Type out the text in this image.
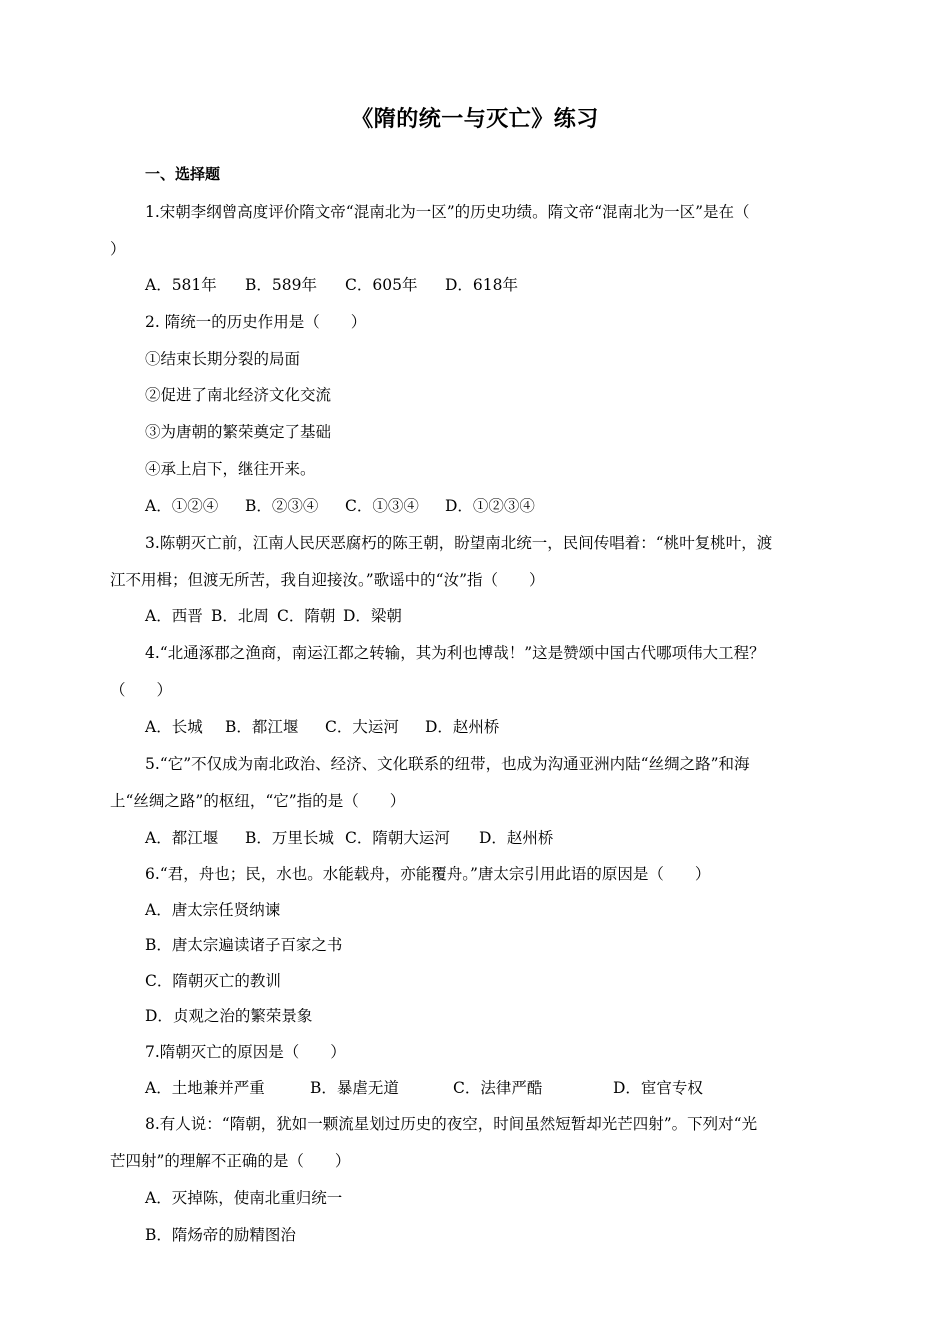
《隋的统一与灭亡》练习
一、选择题
1.宋朝李纲曾高度评价隋文帝“混南北为一区”的历史功绩。隋文帝“混南北为一区”是在（
）
A．581年 B．589年 C．605年 D．618年
2. 隋统一的历史作用是（　　）
①结束长期分裂的局面
②促进了南北经济文化交流
③为唐朝的繁荣奠定了基础
④承上启下，继往开来。
A．①②④ B．②③④ C．①③④ D．①②③④
3.陈朝灭亡前，江南人民厌恶腐朽的陈王朝，盼望南北统一，民间传唱着：“桃叶复桃叶，渡
江不用楫；但渡无所苦，我自迎接汝。”歌谣中的“汝”指（　　）
A．西晋 B．北周 C．隋朝 D．梁朝
4.“北通涿郡之渔商，南运江都之转输，其为利也博哉！”这是赞颂中国古代哪项伟大工程？
（　　）
A．长城 B．都江堰 C．大运河 D．赵州桥
5.“它”不仅成为南北政治、经济、文化联系的纽带，也成为沟通亚洲内陆“丝绸之路”和海
上“丝绸之路”的枢纽，“它”指的是（　　）
A．都江堰 B．万里长城 C．隋朝大运河 D．赵州桥
6.“君，舟也；民，水也。水能载舟，亦能覆舟。”唐太宗引用此语的原因是（　　）
A．唐太宗任贤纳谏
B．唐太宗遍读诸子百家之书
C．隋朝灭亡的教训
D．贞观之治的繁荣景象
7.隋朝灭亡的原因是（　　）
A．土地兼并严重	B．暴虐无道	C．法律严酷	D．宦官专权
8.有人说：“隋朝，犹如一颗流星划过历史的夜空，时间虽然短暂却光芒四射”。下列对“光
芒四射”的理解不正确的是（　　）
A．灭掉陈，使南北重归统一
B．隋炀帝的励精图治
